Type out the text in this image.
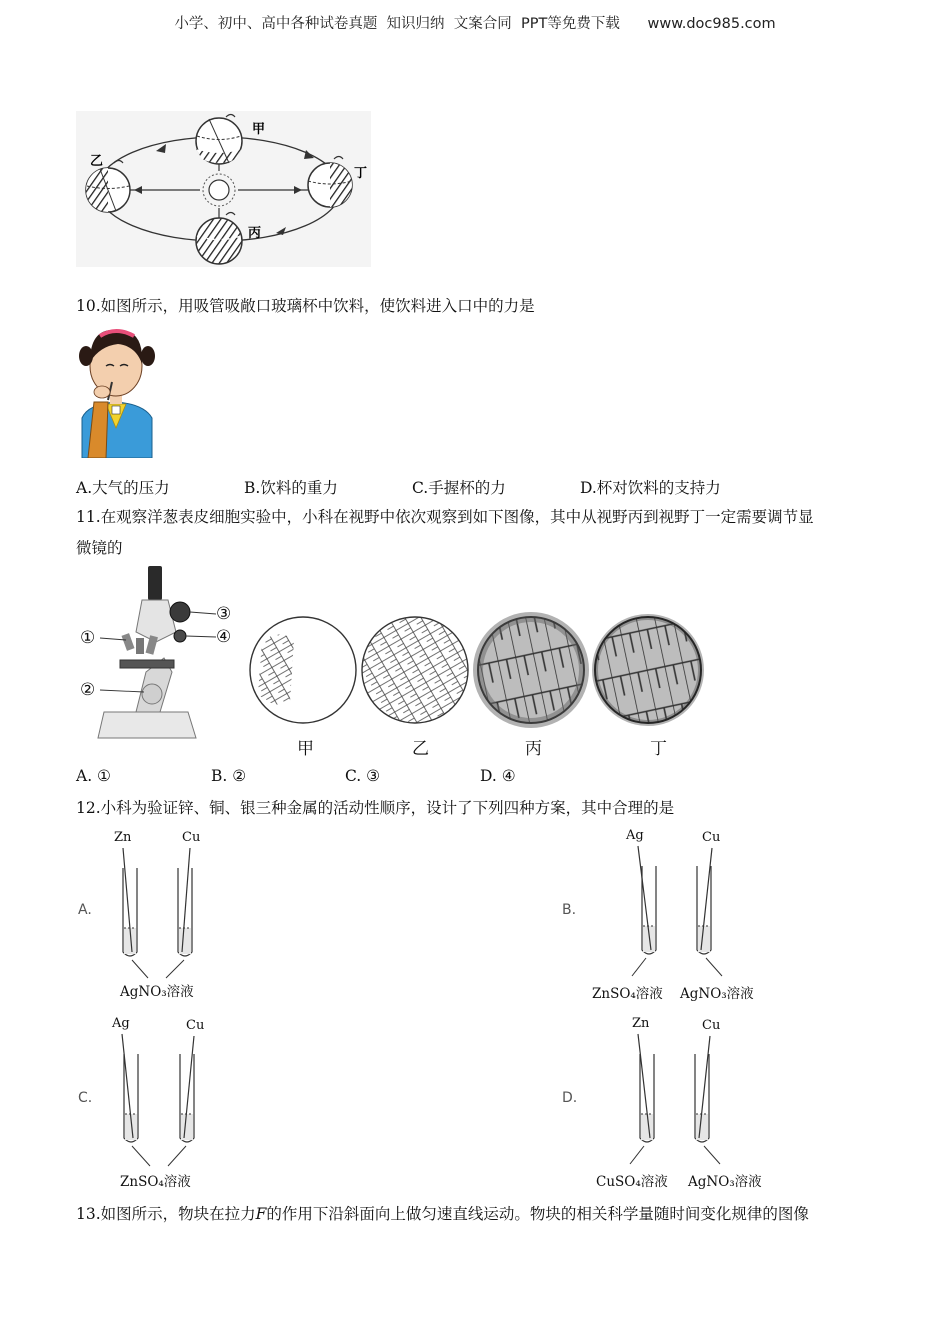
小学、初中、高中各种试卷真题  知识归纳  文案合同  PPT等免费下载      www.doc985.com
甲
乙
丁
丙
10.如图所示，用吸管吸敞口玻璃杯中饮料，使饮料进入口中的力是
A.大气的压力	B.饮料的重力	C.手握杯的力	D.杯对饮料的支持力
11.在观察洋葱表皮细胞实验中，小科在视野中依次观察到如下图像，其中从视野丙到视野丁一定需要调节显
微镜的
①
②
③
④
甲	乙	丙	丁
A. ①	B. ②	C. ③	D. ④
12.小科为验证锌、铜、银三种金属的活动性顺序，设计了下列四种方案，其中合理的是
A.
Zn	Cu
AgNO₃溶液
B.
Ag	Cu
ZnSO₄溶液 AgNO₃溶液
C.
Ag	Cu
ZnSO₄溶液
D.
Zn	Cu
CuSO₄溶液 AgNO₃溶液
13.如图所示，物块在拉力F的作用下沿斜面向上做匀速直线运动。物块的相关科学量随时间变化规律的图像
